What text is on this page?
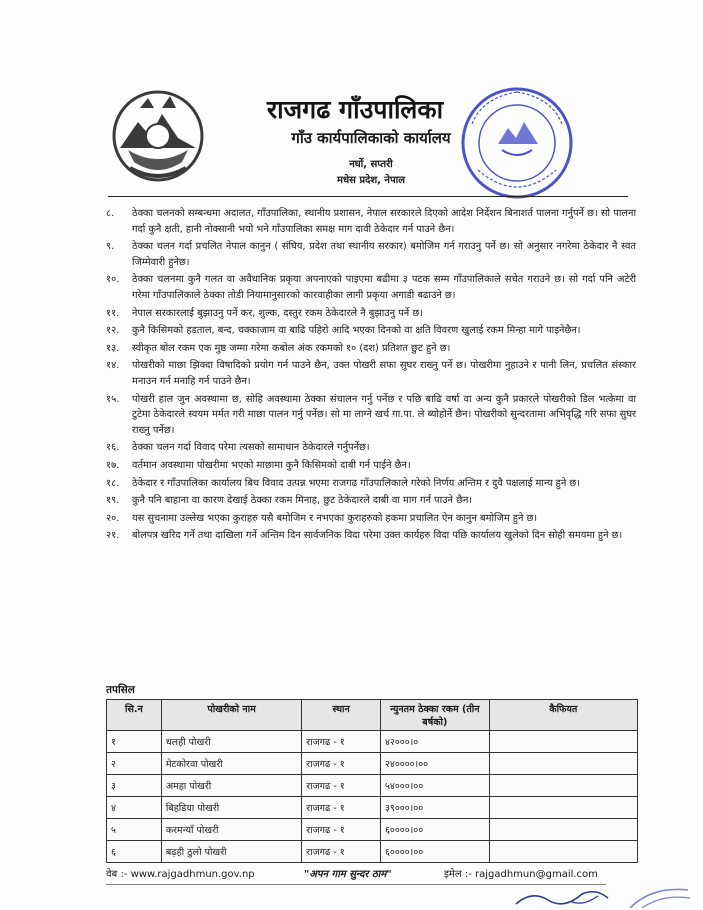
राजगढ गाँउपालिका
गाँउ कार्यपालिकाको कार्यालय
नर्घो, सप्तरी
मधेस प्रदेश, नेपाल
८.	ठेक्का चलनको सम्बन्धमा अदालत, गाँउपालिका, स्थानीय प्रशासन, नेपाल सरकारले दिएको आदेश निर्देशन बिनाशर्त पालना गर्नुपर्ने छ। सो पालना गर्दा कुनै क्षती, हानी नोक्सानी भयो भने गाँउपालिका समक्ष माग दावी ठेकेदार गर्न पाउने छैन।
९.	ठेक्का चलन गर्दा प्रचलित नेपाल कानुन ( संघिय, प्रदेश तथा स्थानीय सरकार) बमोजिम गर्न गराउनु पर्ने छ। सो अनुसार नगरेमा ठेकेदार नै स्वत जिम्मेवारी हुनेछ।
१०.	ठेक्का चलनमा कुनै गलत वा अवैधानिक प्रकृया अपनाएको पाइएमा बढीमा ३ पटक सम्म गाँउपालिकाले सचेत गराउने छ। सो गर्दा पनि अटेरी गरेमा गाँउपालिकाले ठेक्का तोडी नियामानुसारको कारवाहीका लागी प्रकृया अगाडी बढाउने छ।
११.	नेपाल सरकारलाई बुझाउनु पर्ने कर, शुल्क, दस्तुर रकम ठेकेदारले नै बुझाउनु पर्ने छ।
१२.	कुनै किसिमको हडताल, बन्द, चक्काजाम वा बाढि पहिरो आदि भएका दिनको वा क्षति विवरण खुलाई रकम मिन्हा मागे पाइनेछैन।
१३.	स्वीकृत बोल रकम एक मुष्ठ जम्मा गरेमा कबोल अंक रकमको १० (दश) प्रतिशत छुट हुने छ।
१४.	पोखरीको माछा झिक्दा विषादिको प्रयोग गर्न पाउने छैन, उक्त पोखरी सफा सुघर राख्नु पर्ने छ। पोखरीमा नुहाउने र पानी लिन, प्रचलित संस्कार मनाउन गर्न मनाहि गर्न पाउने छैन।
१५.	पोखरी हाल जुन अवस्थामा छ, सोहि अवस्थामा ठेक्का संचालन गर्नु पर्नेछ र पछि बाढि वर्षा वा अन्य कुनै प्रकारले पोखरीको डिल भत्केमा वा टुटेमा ठेकेदारले स्वयम मर्मत गरी माछा पालन गर्नु पर्नेछ। सो मा लाग्ने खर्च गा.पा. ले ब्योहोर्ने छैन। पोखरीको सुन्दरतामा अभिवृद्धि गरि सफा सुघर राख्नु पर्नेछ।
१६.	ठेक्का चलन गर्दा विवाद परेमा त्यसको सामाधान ठेकेदारले गर्नुपर्नेछ।
१७.	वर्तमान अवस्थामा पोखरीमा भएको माछामा कुनै किसिमको दाबी गर्न पाईने छैन।
१८.	ठेकेदार र गाँउपालिका कार्यालय बिच विवाद उत्पन्न भएमा राजगढ गाँउपालिकाले गरेको निर्णय अन्तिम र दुवै पक्षलाई मान्य हुने छ।
१९.	कुनै पनि बाहाना वा कारण देखाई ठेक्का रकम मिनाह, छुट ठेकेदारले दाबी वा माग गर्न पाउने छैन।
२०.	यस सुचनामा उल्लेख भएका कुराहरु यसै बमोजिम र नभएका कुराहरुको हकमा प्रचालित ऐन कानुन बमोजिम हुने छ।
२१.	बोलपत्र खरिद गर्ने तथा दाखिला गर्ने अन्तिम दिन सार्वजनिक विदा परेमा उक्त कार्यहरु विदा पछि कार्यालय खुलेको दिन सोही समयमा हुने छ।
तपसिल
सि.न	पोखरीको नाम	स्थान	न्युनतम ठेक्का रकम (तीन बर्षको)	कैफियत
१	धलही पोखरी	राजगढ - १	४२०००।०	
२	मेटकोरवा पोखरी	राजगढ - १	२४००००।००	
३	अमहा पोखरी	राजगढ - १	५४०००।००	
४	बिहडिया पोखरी	राजगढ - १	३९०००।००	
५	करमन्याँ पोखरी	राजगढ - १	६००००।००	
६	बढ़ही ठुलो पोखरी	राजगढ - १	६००००।००	
वेब :- www.rajgadhmun.gov.np	"अपन गाम सुन्दर ठाम"	इमेल :- rajgadhmun@gmail.com
